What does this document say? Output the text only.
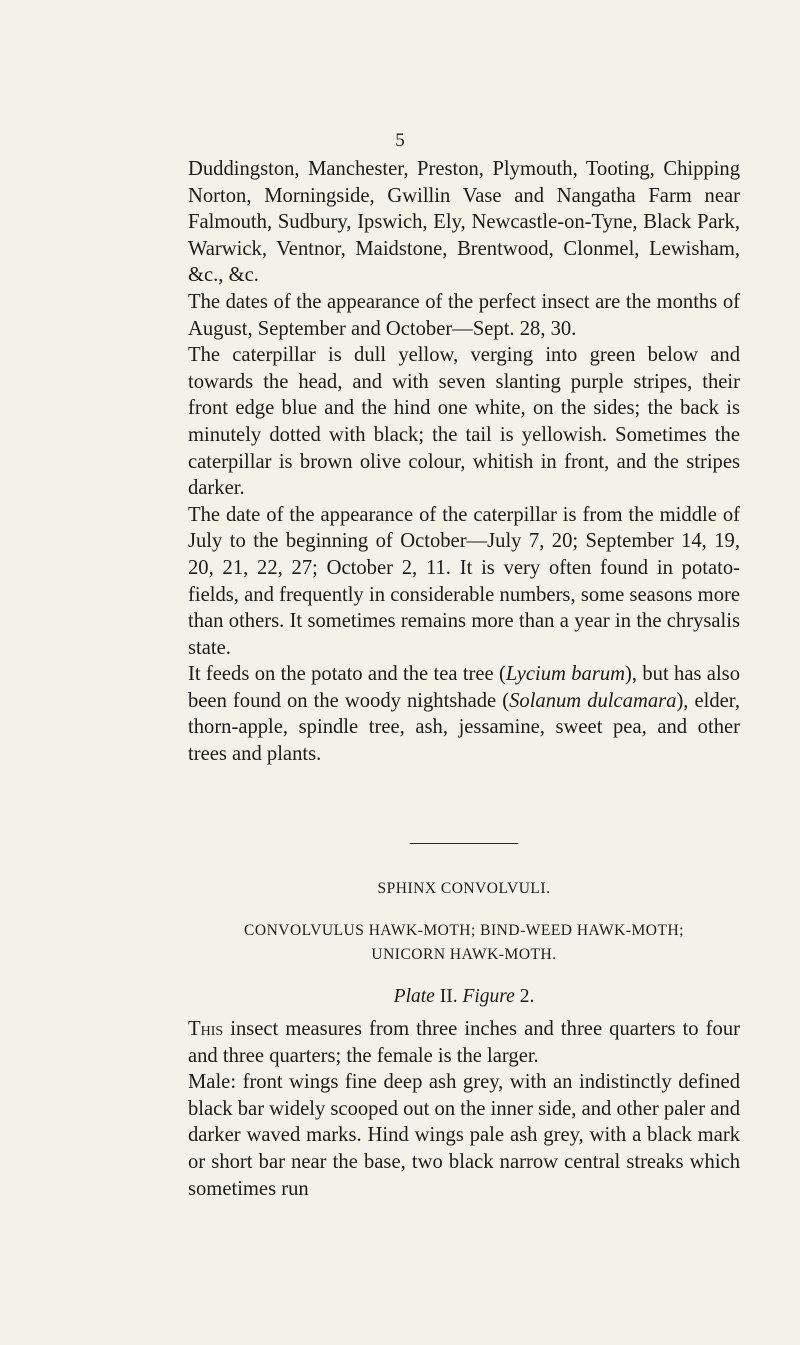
5

Duddingston, Manchester, Preston, Plymouth, Tooting, Chipping Norton, Morningside, Gwillin Vase and Nangatha Farm near Falmouth, Sudbury, Ipswich, Ely, Newcastle-on-Tyne, Black Park, Warwick, Ventnor, Maidstone, Brentwood, Clonmel, Lewisham, &c., &c.

The dates of the appearance of the perfect insect are the months of August, September and October—Sept. 28, 30.

The caterpillar is dull yellow, verging into green below and towards the head, and with seven slanting purple stripes, their front edge blue and the hind one white, on the sides; the back is minutely dotted with black; the tail is yellowish. Sometimes the caterpillar is brown olive colour, whitish in front, and the stripes darker.

The date of the appearance of the caterpillar is from the middle of July to the beginning of October—July 7, 20; September 14, 19, 20, 21, 22, 27; October 2, 11. It is very often found in potato-fields, and frequently in considerable numbers, some seasons more than others. It sometimes remains more than a year in the chrysalis state.

It feeds on the potato and the tea tree (Lycium barum), but has also been found on the woody nightshade (Solanum dulcamara), elder, thorn-apple, spindle tree, ash, jessamine, sweet pea, and other trees and plants.

SPHINX CONVOLVULI.
CONVOLVULUS HAWK-MOTH; BIND-WEED HAWK-MOTH;
UNICORN HAWK-MOTH.
Plate II. Figure 2.

This insect measures from three inches and three quarters to four and three quarters; the female is the larger.

Male: front wings fine deep ash grey, with an indistinctly defined black bar widely scooped out on the inner side, and other paler and darker waved marks. Hind wings pale ash grey, with a black mark or short bar near the base, two black narrow central streaks which sometimes run
